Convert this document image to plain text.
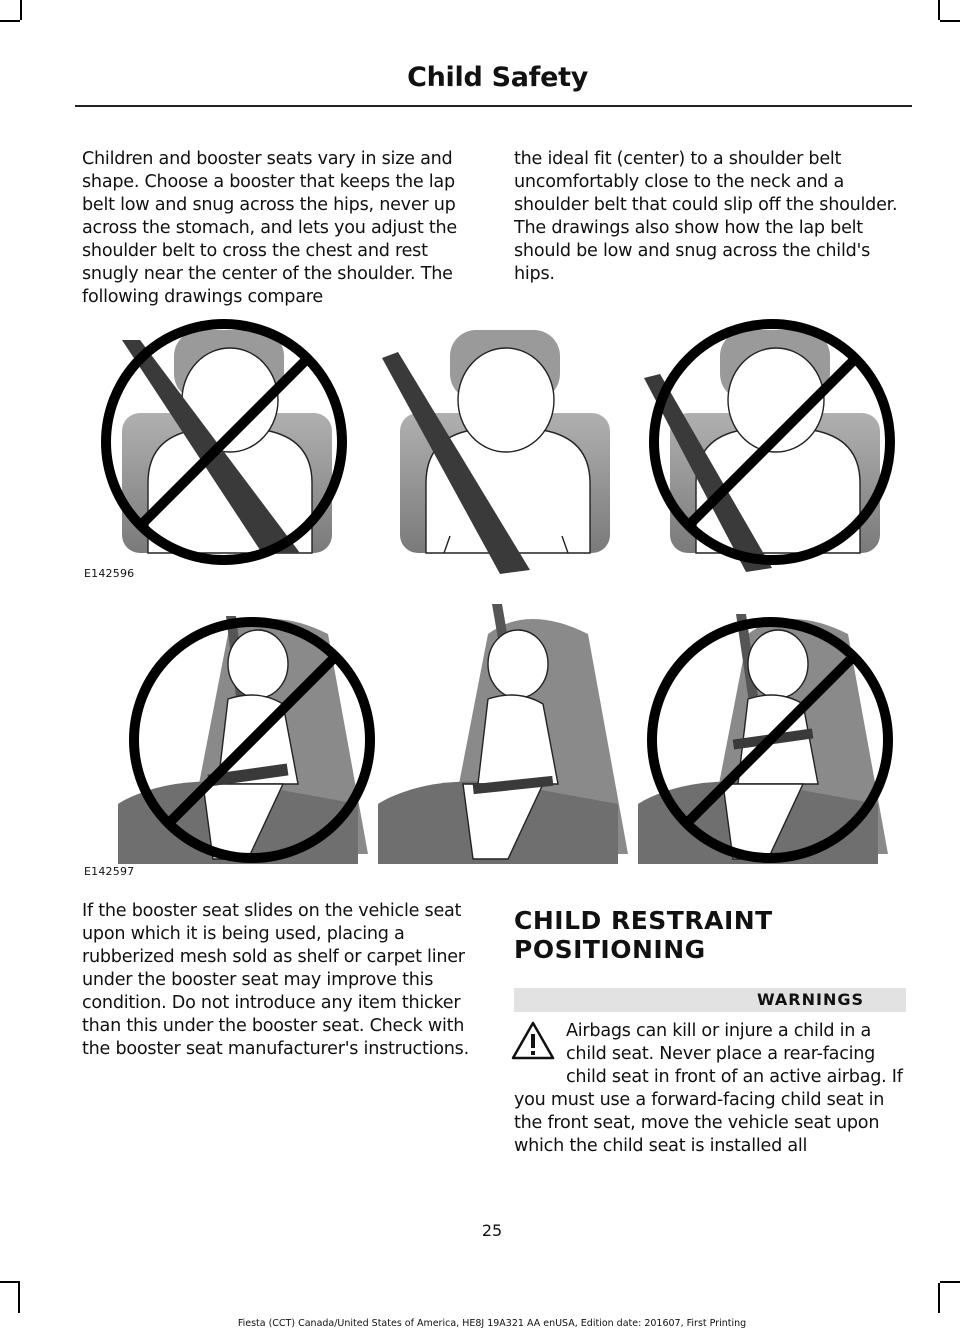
Child Safety

Children and booster seats vary in size and shape. Choose a booster that keeps the lap belt low and snug across the hips, never up across the stomach, and lets you adjust the shoulder belt to cross the chest and rest snugly near the center of the shoulder. The following drawings compare

the ideal fit (center) to a shoulder belt uncomfortably close to the neck and a shoulder belt that could slip off the shoulder. The drawings also show how the lap belt should be low and snug across the child's hips.

E142596
E142597

If the booster seat slides on the vehicle seat upon which it is being used, placing a rubberized mesh sold as shelf or carpet liner under the booster seat may improve this condition. Do not introduce any item thicker than this under the booster seat. Check with the booster seat manufacturer's instructions.

CHILD RESTRAINT POSITIONING
WARNINGS

Airbags can kill or injure a child in a child seat. Never place a rear-facing child seat in front of an active airbag. If you must use a forward-facing child seat in the front seat, move the vehicle seat upon which the child seat is installed all

25
Fiesta (CCT) Canada/United States of America, HE8J 19A321 AA enUSA, Edition date: 201607, First Printing
